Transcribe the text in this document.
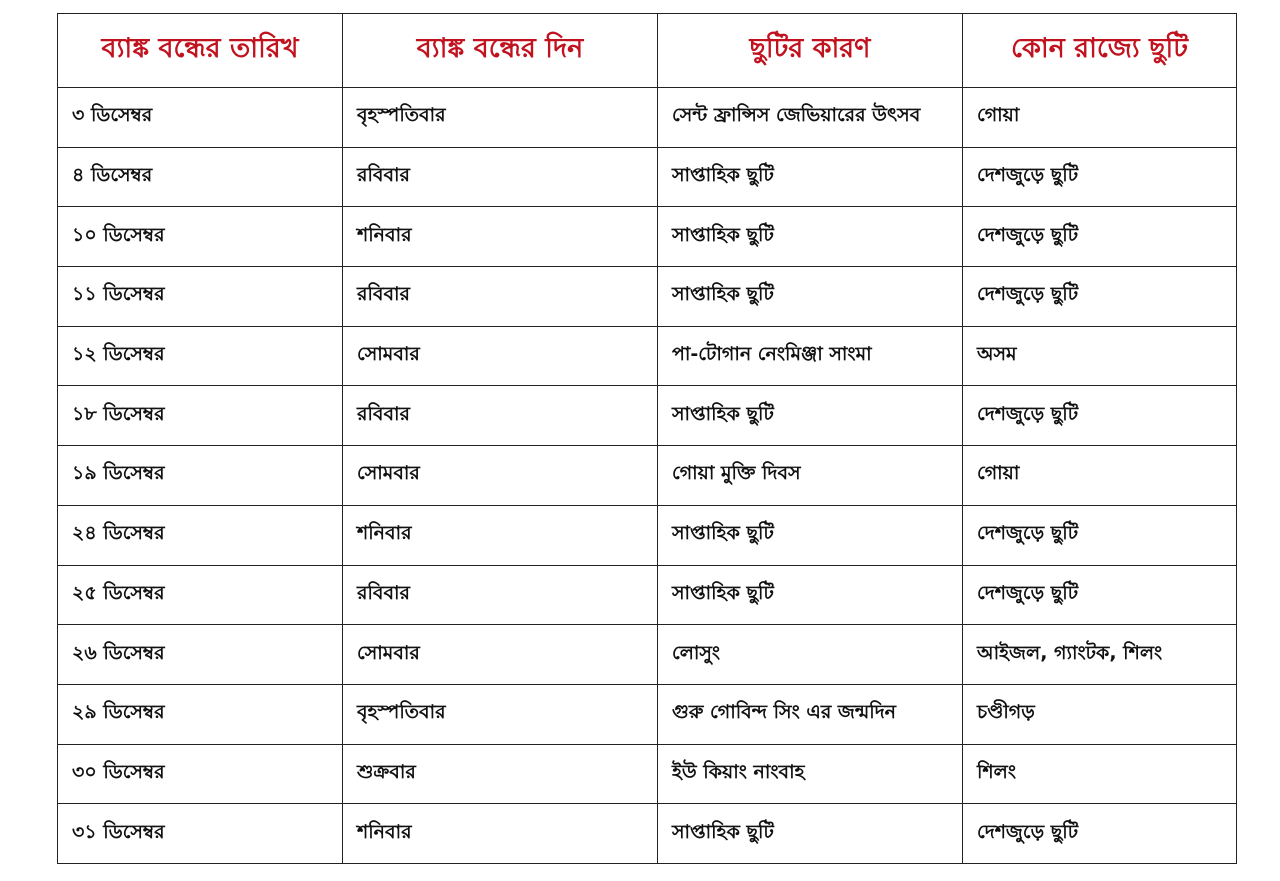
ব্যাঙ্ক বন্ধের তারিখ	ব্যাঙ্ক বন্ধের দিন	ছুটির কারণ	কোন রাজ্যে ছুটি
৩ ডিসেম্বর	বৃহস্পতিবার	সেন্ট ফ্রান্সিস জেভিয়ারের উৎসব	গোয়া
৪ ডিসেম্বর	রবিবার	সাপ্তাহিক ছুটি	দেশজুড়ে ছুটি
১০ ডিসেম্বর	শনিবার	সাপ্তাহিক ছুটি	দেশজুড়ে ছুটি
১১ ডিসেম্বর	রবিবার	সাপ্তাহিক ছুটি	দেশজুড়ে ছুটি
১২ ডিসেম্বর	সোমবার	পা-টোগান নেংমিঞ্জা সাংমা	অসম
১৮ ডিসেম্বর	রবিবার	সাপ্তাহিক ছুটি	দেশজুড়ে ছুটি
১৯ ডিসেম্বর	সোমবার	গোয়া মুক্তি দিবস	গোয়া
২৪ ডিসেম্বর	শনিবার	সাপ্তাহিক ছুটি	দেশজুড়ে ছুটি
২৫ ডিসেম্বর	রবিবার	সাপ্তাহিক ছুটি	দেশজুড়ে ছুটি
২৬ ডিসেম্বর	সোমবার	লোসুং	আইজল, গ্যাংটক, শিলং
২৯ ডিসেম্বর	বৃহস্পতিবার	গুরু গোবিন্দ সিং এর জন্মদিন	চণ্ডীগড়
৩০ ডিসেম্বর	শুক্রবার	ইউ কিয়াং নাংবাহ	শিলং
৩১ ডিসেম্বর	শনিবার	সাপ্তাহিক ছুটি	দেশজুড়ে ছুটি
